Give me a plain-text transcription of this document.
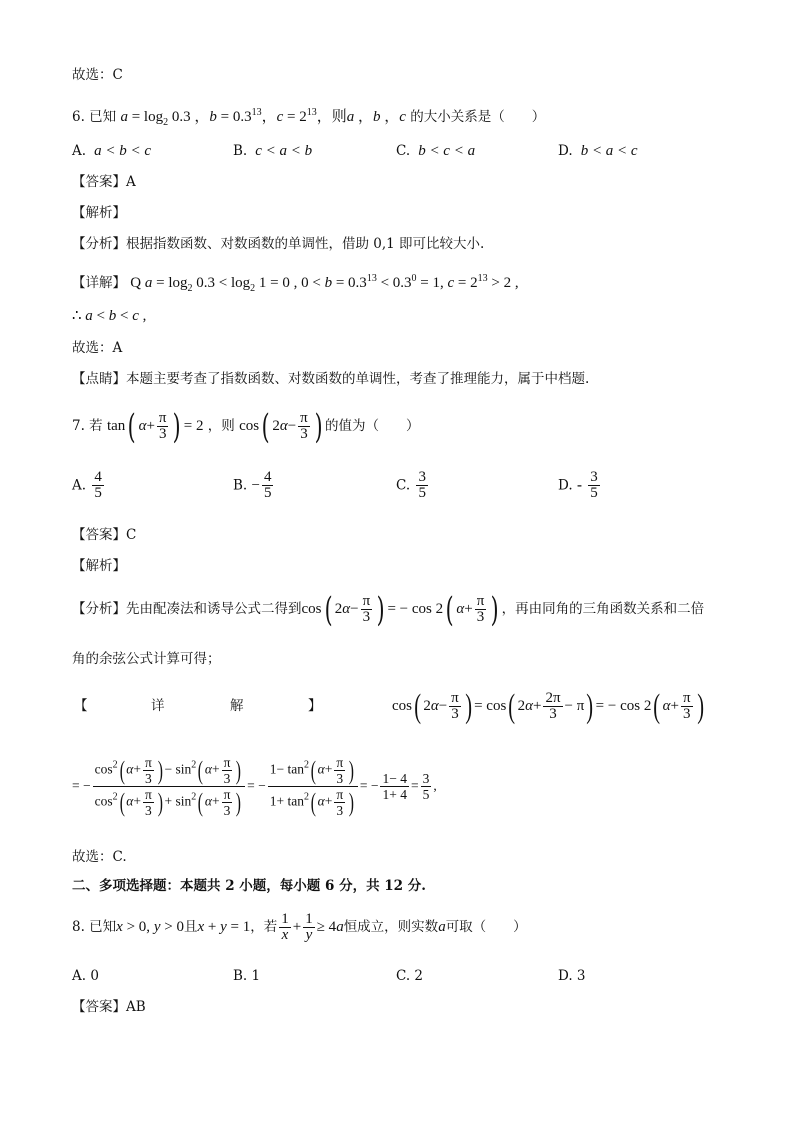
故选：C
6. 已知 $a = \log_2 0.3$ ，$b = 0.3^{13}$，$c = 2^{13}$，则a ，b ，c 的大小关系是（　　）
A.  a < b < c	B.  c < a < b	C.  b < c < a	D.  b < a < c
【答案】A
【解析】
【分析】根据指数函数、对数函数的单调性，借助 0,1 即可比较大小.
【详解】 Q $a = \log_2 0.3 < \log_2 1 = 0$ , $0 < b = 0.3^{13} < 0.3^0 = 1$, $c = 2^{13} > 2$ ,
∴ a < b < c ,
故选：A
【点睛】本题主要考查了指数函数、对数函数的单调性，考查了推理能力，属于中档题.
7. 若 tan( $\alpha+ \frac{\pi}{3}$ ) = 2 ，则 cos( $2\alpha- \frac{\pi}{3}$ ) 的值为（　　）
A. $\frac{4}{5}$	B. − $\frac{4}{5}$	C. $\frac{3}{5}$	D. - $\frac{3}{5}$
【答案】C
【解析】
【分析】先由配凑法和诱导公式二得到cos( $2\alpha- \frac{\pi}{3}$ ) = − cos 2( $\alpha+ \frac{\pi}{3}$ ) ，再由同角的三角函数关系和二倍
角的余弦公式计算可得；
【	详	解	】	cos( $2\alpha- \frac{\pi}{3}$ ) = cos( $2\alpha+ \frac{2\pi}{3} - \pi$) = − cos 2( $\alpha+ \frac{\pi}{3}$ )
= − $\frac{\cos^2( \alpha+ \frac{\pi}{3} ) - \sin^2( \alpha+ \frac{\pi}{3} )}{\cos^2( \alpha+ \frac{\pi}{3} ) + \sin^2( \alpha+ \frac{\pi}{3} )}$ = − $\frac{1- \tan^2( \alpha+ \frac{\pi}{3} )}{1+ \tan^2( \alpha+ \frac{\pi}{3} )}$ = − $\frac{1- 4}{1+ 4} = \frac{3}{5}$ ,
故选：C.
二、多项选择题：本题共 2 小题，每小题 6 分，共 12 分.
8. 已知x > 0, y > 0且x + y = 1，若 $\frac{1}{x} + \frac{1}{y} \ge 4a$恒成立，则实数a可取（　　）
A. 0	B. 1	C. 2	D. 3
【答案】AB
